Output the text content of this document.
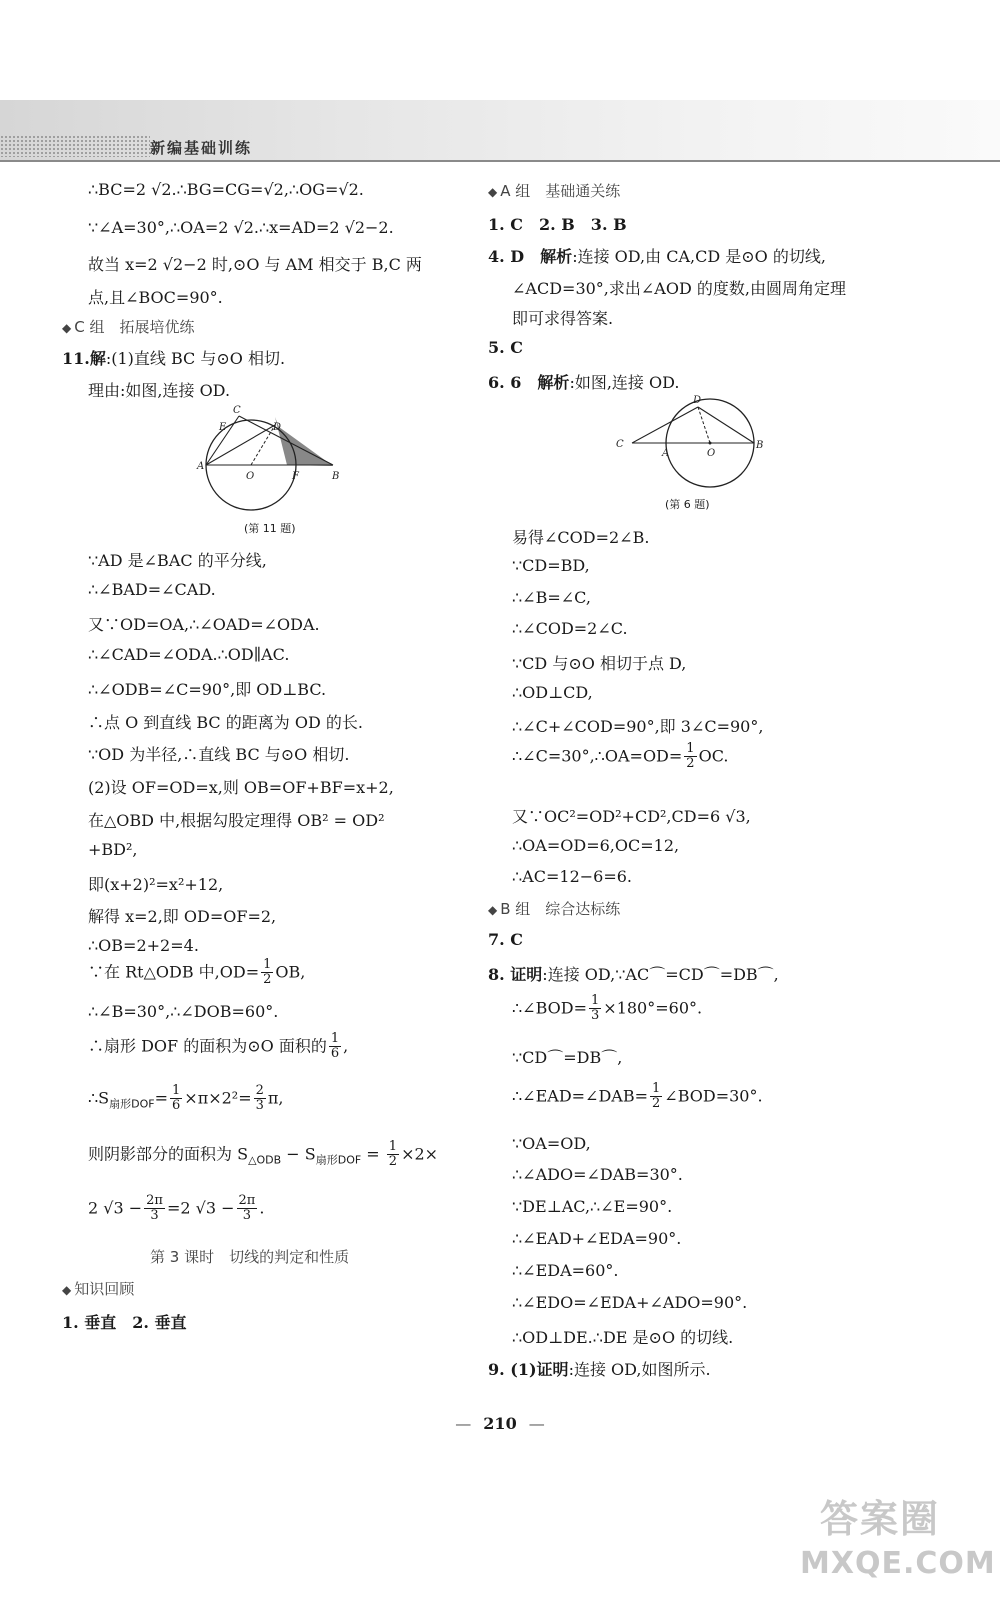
新编基础训练
∴BC=2 √2.∴BG=CG=√2,∴OG=√2.
∵∠A=30°,∴OA=2 √2.∴x=AD=2 √2−2.
故当 x=2 √2−2 时,⊙O 与 AM 相交于 B,C 两
点,且∠BOC=90°.
◆ C 组　拓展培优练
11.解:(1)直线 BC 与⊙O 相切.
理由:如图,连接 OD.
C
E	D
A
O	F	B
(第 11 题)
∵AD 是∠BAC 的平分线,
∴∠BAD=∠CAD.
又∵OD=OA,∴∠OAD=∠ODA.
∴∠CAD=∠ODA.∴OD∥AC.
∴∠ODB=∠C=90°,即 OD⊥BC.
∴点 O 到直线 BC 的距离为 OD 的长.
∵OD 为半径,∴直线 BC 与⊙O 相切.
(2)设 OF=OD=x,则 OB=OF+BF=x+2,
在△OBD 中,根据勾股定理得 OB² = OD²
+BD²,
即(x+2)²=x²+12,
解得 x=2,即 OD=OF=2,
∴OB=2+2=4.
∵在 Rt△ODB 中$,OD= \frac{1}{2}$ OB,
∴∠B=30°,∴∠DOB=60°.
∴扇形 DOF 的面积为⊙O 面积的 $\frac{1}{6}$ ,
$\therefore S_{扇形DOF}= \frac{1}{6} \times\pi\times 2^2= \frac{2}{3} \pi$,
则阴影部分的面积为 $S_{\triangle ODB} - S_{扇形DOF} = \frac{1}{2} \times 2\times$
2 $√3 - \frac{2\pi}{3} =2$ $√3 - \frac{2\pi}{3}$ .
第 3 课时　切线的判定和性质
◆ 知识回顾
1. 垂直　2. 垂直
◆ A 组　基础通关练
1. C　2. B　3. B
4. D　 解析:连接 OD,由 CA,CD 是⊙O 的切线,
∠ACD=30°,求出∠AOD 的度数,由圆周角定理
即可求得答案.
5. C
6. 6　 解析:如图,连接 OD.
C
A
D
O
B
(第 6 题)
易得∠COD=2∠B.
∵CD=BD,
∴∠B=∠C,
∴∠COD=2∠C.
∵CD 与⊙O 相切于点 D,
∴OD⊥CD,
∴∠C+∠COD=90°,即 3∠C=90°,
∴∠C=30°,∴OA=OD= $\frac{1}{2}$ OC.
又∵OC²=OD²+CD²,CD=6 √3,
∴OA=OD=6,OC=12,
∴AC=12−6=6.
◆ B 组　综合达标练
7. C
8. 证明:连接 OD,∵AC⌒=CD⌒=DB⌒,
∴∠BOD= $\frac{1}{3} \times 180^\circ=60^\circ$.
∵CD⌒=DB⌒,
∴∠EAD=∠DAB= $\frac{1}{2}$ ∠BOD=30°.
∵OA=OD,
∴∠ADO=∠DAB=30°.
∵DE⊥AC,∴∠E=90°.
∴∠EAD+∠EDA=90°.
∴∠EDA=60°.
∴∠EDO=∠EDA+∠ADO=90°.
∴OD⊥DE.∴DE 是⊙O 的切线.
9. (1)证明:连接 OD,如图所示.
— 210 —
答案圈
MXQE.COM
